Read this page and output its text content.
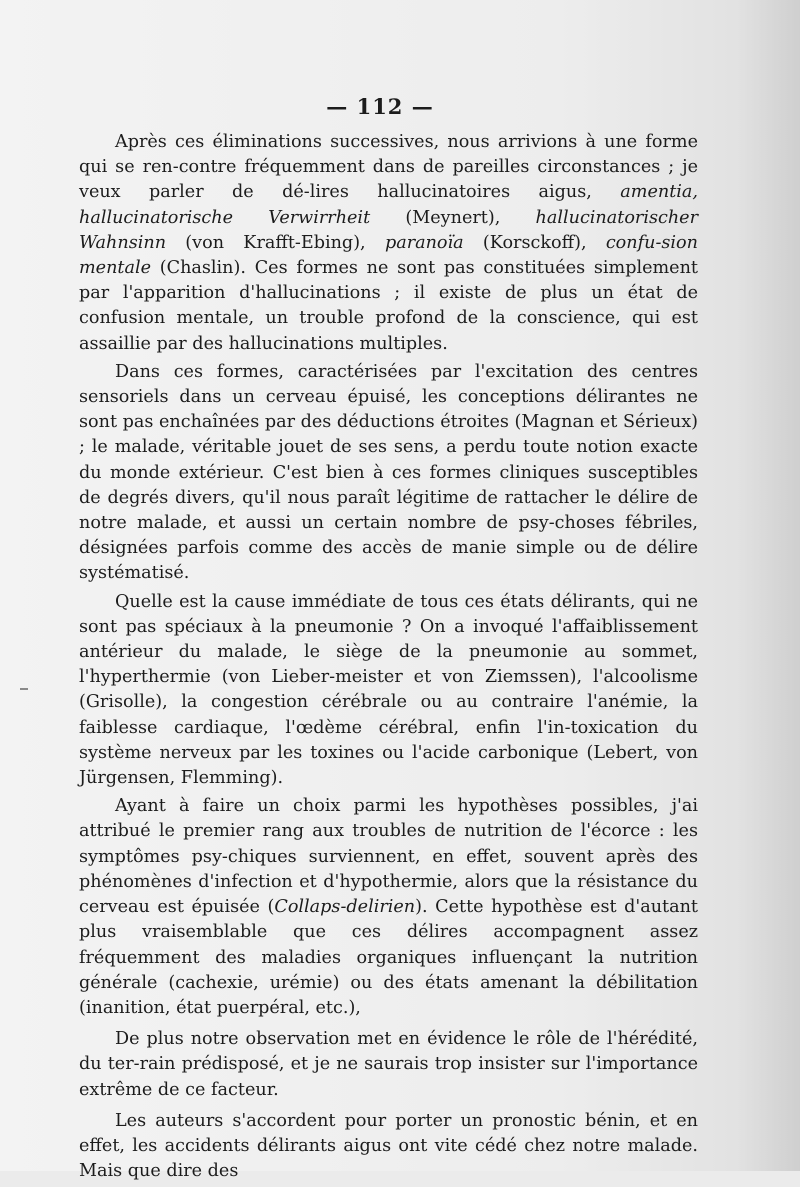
— 112 —

Après ces éliminations successives, nous arrivions à une forme qui se ren-contre fréquemment dans de pareilles circonstances ; je veux parler de dé-lires hallucinatoires aigus, amentia, hallucinatorische Verwirrheit (Meynert), hallucinatorischer Wahnsinn (von Krafft-Ebing), paranoïa (Korsckoff), confu-sion mentale (Chaslin). Ces formes ne sont pas constituées simplement par l'apparition d'hallucinations ; il existe de plus un état de confusion mentale, un trouble profond de la conscience, qui est assaillie par des hallucinations multiples.

Dans ces formes, caractérisées par l'excitation des centres sensoriels dans un cerveau épuisé, les conceptions délirantes ne sont pas enchaînées par des déductions étroites (Magnan et Sérieux) ; le malade, véritable jouet de ses sens, a perdu toute notion exacte du monde extérieur. C'est bien à ces formes cliniques susceptibles de degrés divers, qu'il nous paraît légitime de rattacher le délire de notre malade, et aussi un certain nombre de psy-choses fébriles, désignées parfois comme des accès de manie simple ou de délire systématisé.

Quelle est la cause immédiate de tous ces états délirants, qui ne sont pas spéciaux à la pneumonie ? On a invoqué l'affaiblissement antérieur du malade, le siège de la pneumonie au sommet, l'hyperthermie (von Lieber-meister et von Ziemssen), l'alcoolisme (Grisolle), la congestion cérébrale ou au contraire l'anémie, la faiblesse cardiaque, l'œdème cérébral, enfin l'in-toxication du système nerveux par les toxines ou l'acide carbonique (Lebert, von Jürgensen, Flemming).

Ayant à faire un choix parmi les hypothèses possibles, j'ai attribué le premier rang aux troubles de nutrition de l'écorce : les symptômes psy-chiques surviennent, en effet, souvent après des phénomènes d'infection et d'hypothermie, alors que la résistance du cerveau est épuisée (Collaps-delirien). Cette hypothèse est d'autant plus vraisemblable que ces délires accompagnent assez fréquemment des maladies organiques influençant la nutrition générale (cachexie, urémie) ou des états amenant la débilitation (inanition, état puerpéral, etc.),

De plus notre observation met en évidence le rôle de l'hérédité, du ter-rain prédisposé, et je ne saurais trop insister sur l'importance extrême de ce facteur.

Les auteurs s'accordent pour porter un pronostic bénin, et en effet, les accidents délirants aigus ont vite cédé chez notre malade. Mais que dire des
